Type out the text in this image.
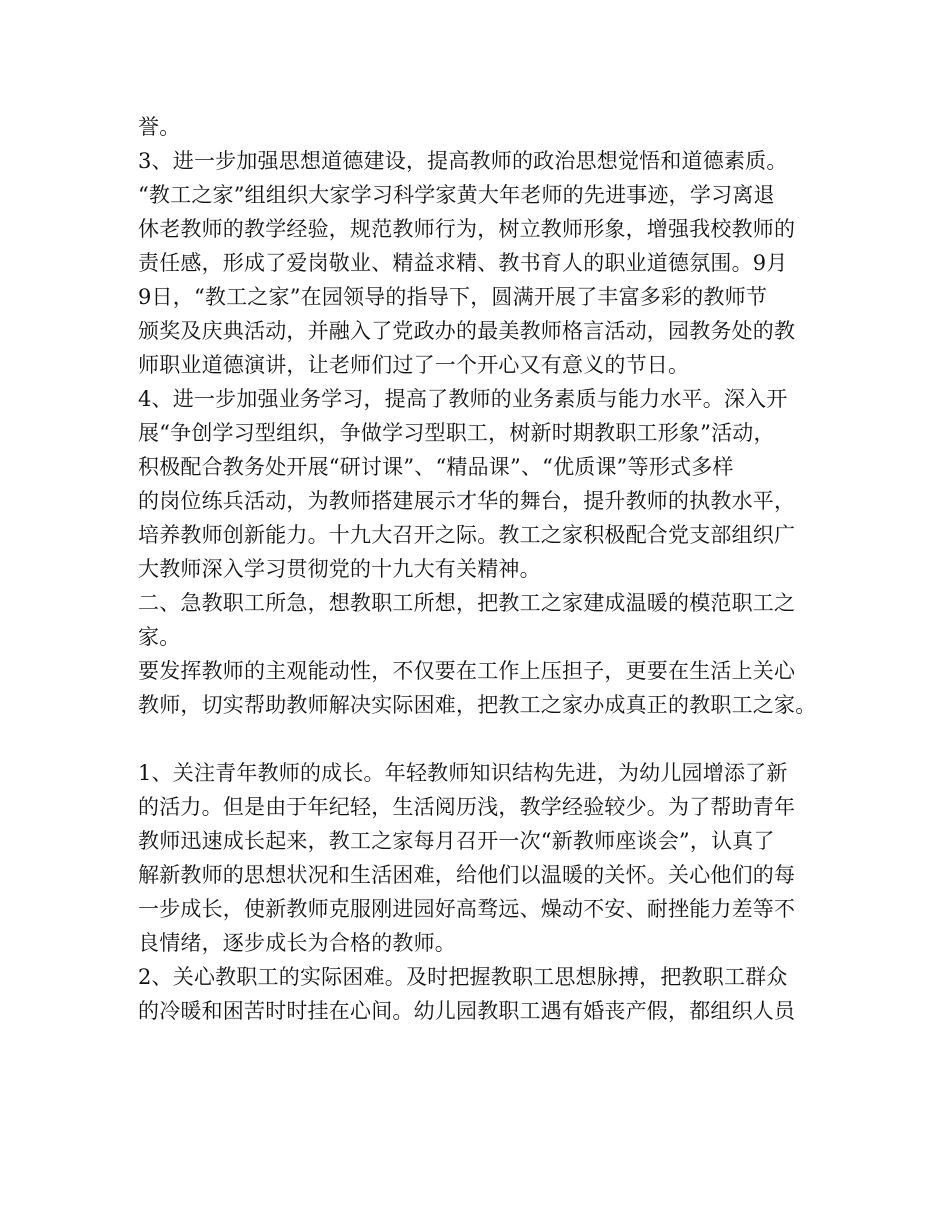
誉。
3、进一步加强思想道德建设，提高教师的政治思想觉悟和道德素质。
“教工之家”组组织大家学习科学家黄大年老师的先进事迹，学习离退
休老教师的教学经验，规范教师行为，树立教师形象，增强我校教师的
责任感，形成了爱岗敬业、精益求精、教书育人的职业道德氛围。9月
9日，“教工之家”在园领导的指导下，圆满开展了丰富多彩的教师节
颁奖及庆典活动，并融入了党政办的最美教师格言活动，园教务处的教
师职业道德演讲，让老师们过了一个开心又有意义的节日。
4、进一步加强业务学习，提高了教师的业务素质与能力水平。深入开
展“争创学习型组织，争做学习型职工，树新时期教职工形象”活动，
积极配合教务处开展“研讨课”、“精品课”、“优质课”等形式多样
的岗位练兵活动，为教师搭建展示才华的舞台，提升教师的执教水平，
培养教师创新能力。十九大召开之际。教工之家积极配合党支部组织广
大教师深入学习贯彻党的十九大有关精神。
二、急教职工所急，想教职工所想，把教工之家建成温暖的模范职工之
家。
要发挥教师的主观能动性，不仅要在工作上压担子，更要在生活上关心
教师，切实帮助教师解决实际困难，把教工之家办成真正的教职工之家。
1、关注青年教师的成长。年轻教师知识结构先进，为幼儿园增添了新
的活力。但是由于年纪轻，生活阅历浅，教学经验较少。为了帮助青年
教师迅速成长起来，教工之家每月召开一次“新教师座谈会”，认真了
解新教师的思想状况和生活困难，给他们以温暖的关怀。关心他们的每
一步成长，使新教师克服刚进园好高骛远、燥动不安、耐挫能力差等不
良情绪，逐步成长为合格的教师。
2、关心教职工的实际困难。及时把握教职工思想脉搏，把教职工群众
的冷暖和困苦时时挂在心间。幼儿园教职工遇有婚丧产假，都组织人员
